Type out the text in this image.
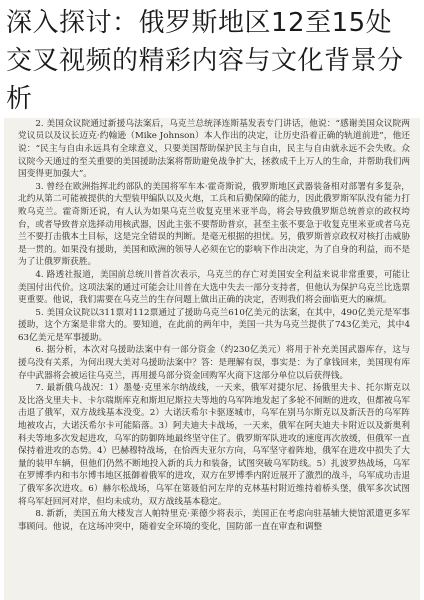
深入探讨：俄罗斯地区12至15处交叉视频的精彩内容与文化背景分析

2. 美国众议院通过新援乌法案后，乌克兰总统泽连斯基发表专门讲话，他说：“感谢美国众议院两党议员以及议长迈克·约翰逊（Mike Johnson）本人作出的决定，让历史沿着正确的轨道前进”，他还说：“民主与自由永远具有全球意义，只要美国帮助保护民主与自由，民主与自由就永远不会失败。众议院今天通过的至关重要的美国援助法案将帮助避免战争扩大，拯救成千上万人的生命，并帮助我们两国变得更加强大”。

3. 曾经在欧洲指挥北约部队的美国将军车本·霍奇斯说，俄罗斯地区武器装备相对部署有多复杂，北约从第二可能被提供的大型装甲编队以及火炮，工兵和后勤保障的能力，因此俄罗斯军队没有能力打败乌克兰。霍奇斯还说，有人认为如果乌克兰收复克里米亚半岛，将会导致俄罗斯总统普京的政权垮台，或者导致普京选择动用核武器，因此主张不要帮助普京，甚至主张不要急于收复克里米亚或者乌克兰不要打击俄本土目标，这是完全错误的判断。是毫无根据的担忧。另，俄罗斯普京政权对核打击威胁是一贯的。如果没有援助，美国和欧洲的领导人必须在它的影响下作出决定，为了自身的利益，而不是为了让俄罗斯获胜。

4. 路透社报道，美国前总统川普首次表示，乌克兰的存亡对美国安全利益来说非常重要，可能让美国付出代价。这项法案的通过可能会让川普在大选中失去一部分支持者，但他认为保护乌克兰比选票更重要。他说，我们需要在乌克兰的生存问题上做出正确的决定，否则我们将会面临更大的麻烦。

5. 美国众议院以311票对112票通过了援助乌克兰610亿美元的法案，在其中，490亿美元是军事援助，这个方案是非常大的。要知道，在此前的两年中，美国一共为乌克兰提供了743亿美元，其中463亿美元是军事援助。

6. 据分析，本次对乌援助法案中有一部分资金（约230亿美元）将用于补充美国武器库存，这与援乌没有关系，为何出现大美对乌援助法案中？答：是理解有误，事实是：为了拿钱回来，美国现有库存中武器将会被运往乌克兰，再用援乌部分资金回购军火商下这部分单位以后获得钱。

7. 最新俄乌战况：1）墨曼·克里米尔纳战线，一天来，俄军对捷尔尼、扬俄里夫卡、托尔斯克以及比洛戈里夫卡、卡尔瑞斯库克和斯坦尼斯拉夫等地的乌军阵地发起了多轮不间断的进攻，但都被乌军击退了俄军，双方战线基本没变。2）大诺沃希尔卡驱逐城市，乌军在别马尔斯克以及新沃吾的乌军阵地被攻占，大诺沃希尔卡可能陷落。3）阿夫迪夫卡战场，一天来，俄军在阿夫迪夫卡附近以及新奥利科夫等地多次发起进攻，乌军的防御阵地最终坚守住了。俄罗斯军队进攻的速度再次放缓，但俄军一直保持着进攻的态势。4）巴赫穆特战场，在恰西夫亚尔方向，乌军坚守着阵地，俄军在进攻中损失了大量的装甲车辆，但他们仍然不断地投入新的兵力和装备，试图突破乌军防线。5）扎波罗热战场，乌军在罗博季内和韦尔博韦地区抵御着俄军的进攻，双方在罗博季内附近展开了激烈的战斗，乌军成功击退了俄军多次进攻。6）赫尔松战场，乌军在第聂伯河左岸的克林基村附近维持着桥头堡，俄军多次试图将乌军赶回河对岸，但均未成功，双方战线基本稳定。

8. 新新，美国五角大楼发言人帕特里克·莱德少将表示，美国正在考虑向驻基辅大使馆派遣更多军事顾问。他说，在这场冲突中，随着安全环境的变化，国防部一直在审查和调整
